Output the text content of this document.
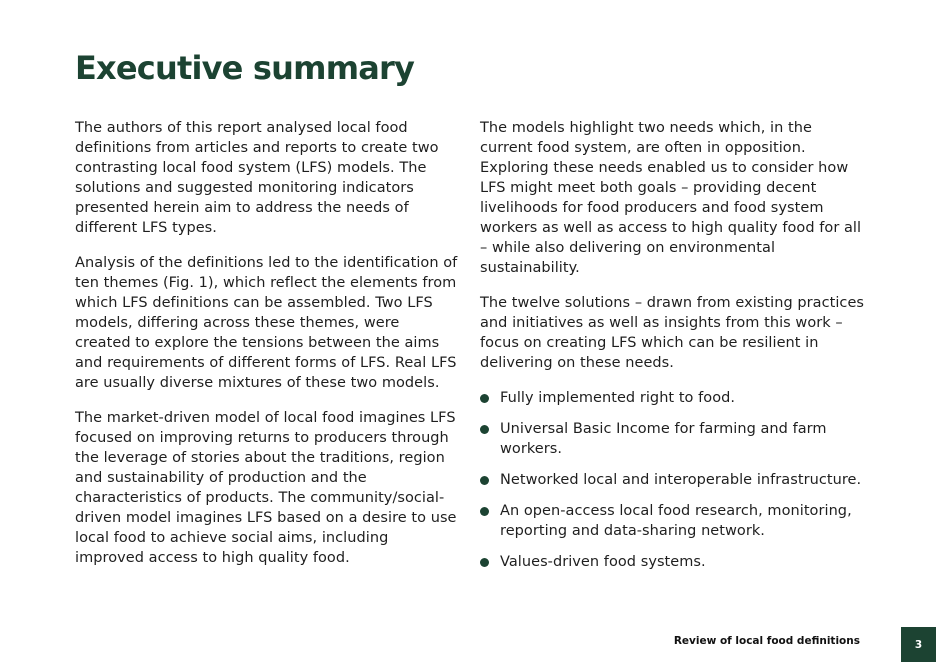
Executive summary

The authors of this report analysed local food definitions from articles and reports to create two contrasting local food system (LFS) models. The solutions and suggested monitoring indicators presented herein aim to address the needs of different LFS types.

Analysis of the definitions led to the identification of ten themes (Fig. 1), which reflect the elements from which LFS definitions can be assembled. Two LFS models, differing across these themes, were created to explore the tensions between the aims and requirements of different forms of LFS. Real LFS are usually diverse mixtures of these two models.

The market-driven model of local food imagines LFS focused on improving returns to producers through the leverage of stories about the traditions, region and sustainability of production and the characteristics of products. The community/social-driven model imagines LFS based on a desire to use local food to achieve social aims, including improved access to high quality food.

The models highlight two needs which, in the current food system, are often in opposition. Exploring these needs enabled us to consider how LFS might meet both goals – providing decent livelihoods for food producers and food system workers as well as access to high quality food for all – while also delivering on environmental sustainability.

The twelve solutions – drawn from existing practices and initiatives as well as insights from this work – focus on creating LFS which can be resilient in delivering on these needs.

Fully implemented right to food.
Universal Basic Income for farming and farm workers.
Networked local and interoperable infrastructure.
An open-access local food research, monitoring, reporting and data-sharing network.
Values-driven food systems.
Review of local food definitions	3
